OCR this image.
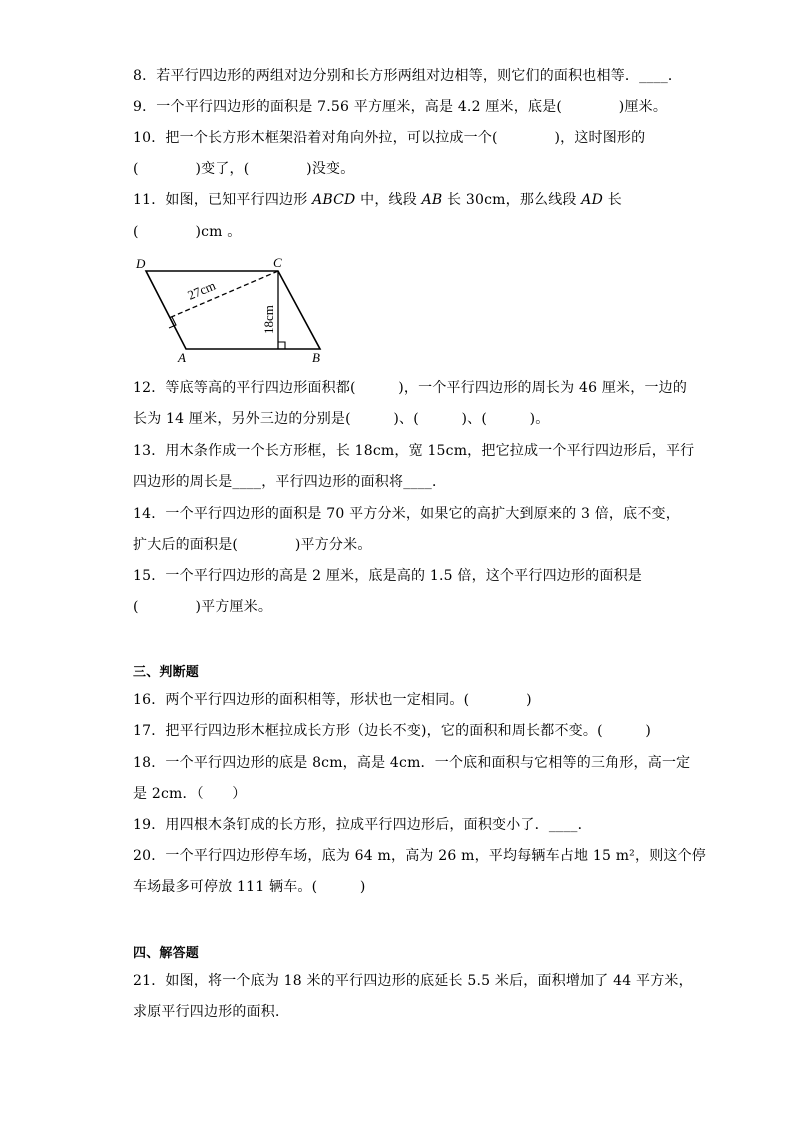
8．若平行四边形的两组对边分别和长方形两组对边相等，则它们的面积也相等．____．
9．一个平行四边形的面积是 7.56 平方厘米，高是 4.2 厘米，底是(　　　　)厘米。
10．把一个长方形木框架沿着对角向外拉，可以拉成一个(　　　　)，这时图形的
(　　　　)变了，(　　　　)没变。
11．如图，已知平行四边形 ABCD 中，线段 AB 长 30cm，那么线段 AD 长
(　　　　)cm 。
D	C
A	B
27cm
18cm
12．等底等高的平行四边形面积都(　　　)，一个平行四边形的周长为 46 厘米，一边的
长为 14 厘米，另外三边的分别是(　　　)、(　　　)、(　　　)。
13．用木条作成一个长方形框，长 18cm，宽 15cm，把它拉成一个平行四边形后，平行
四边形的周长是____，平行四边形的面积将____．
14．一个平行四边形的面积是 70 平方分米，如果它的高扩大到原来的 3 倍，底不变，
扩大后的面积是(　　　　)平方分米。
15．一个平行四边形的高是 2 厘米，底是高的 1.5 倍，这个平行四边形的面积是
(　　　　)平方厘米。
三、判断题
16．两个平行四边形的面积相等，形状也一定相同。(　　　　)
17．把平行四边形木框拉成长方形（边长不变)，它的面积和周长都不变。(　　　)
18．一个平行四边形的底是 8cm，高是 4cm．一个底和面积与它相等的三角形，高一定
是 2cm．（　　）
19．用四根木条钉成的长方形，拉成平行四边形后，面积变小了．____．
20．一个平行四边形停车场，底为 64 m，高为 26 m，平均每辆车占地 15 m²，则这个停
车场最多可停放 111 辆车。(　　　)
四、解答题
21．如图，将一个底为 18 米的平行四边形的底延长 5.5 米后，面积增加了 44 平方米，
求原平行四边形的面积．
